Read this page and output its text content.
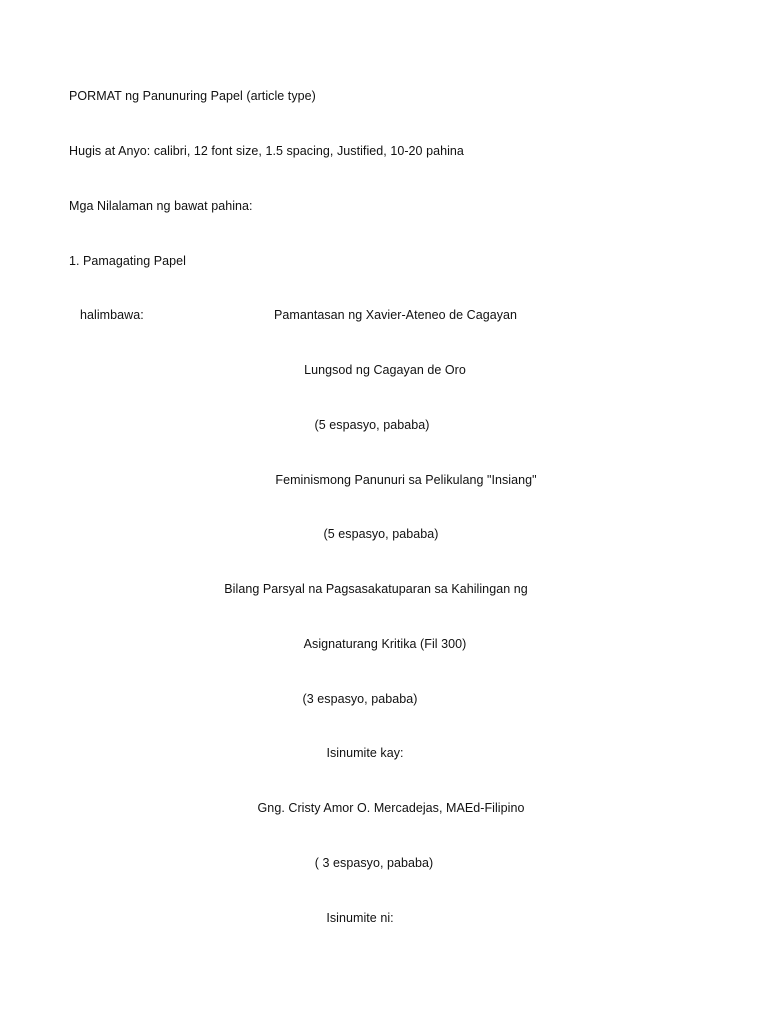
PORMAT ng Panunuring Papel (article type)
Hugis at Anyo: calibri, 12 font size, 1.5 spacing, Justified, 10-20 pahina
Mga Nilalaman ng bawat pahina:
1. Pamagating Papel
halimbawa:	Pamantasan ng Xavier-Ateneo de Cagayan
Lungsod ng Cagayan de Oro
(5 espasyo, pababa)
Feminismong Panunuri sa Pelikulang "Insiang"
(5 espasyo, pababa)
Bilang Parsyal na Pagsasakatuparan sa Kahilingan ng
Asignaturang Kritika (Fil 300)
(3 espasyo, pababa)
Isinumite kay:
Gng. Cristy Amor O. Mercadejas, MAEd-Filipino
( 3 espasyo, pababa)
Isinumite ni:
